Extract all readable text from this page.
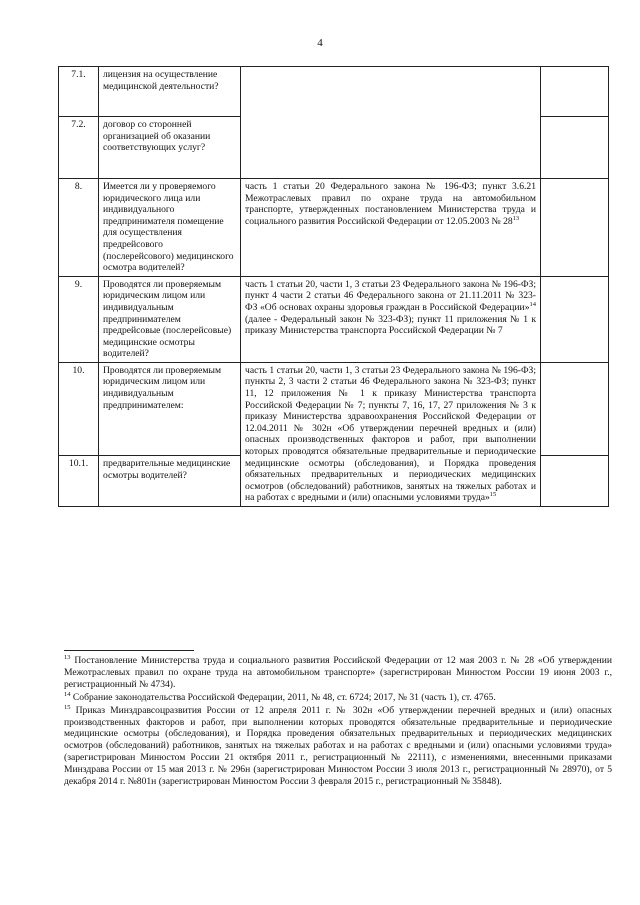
4
7.1.	лицензия на осуществление медицинской деятельности?

7.2.	договор со сторонней организацией об оказании соответствующих услуг?	

8.	Имеется ли у проверяемого юридического лица или индивидуального предпринимателя помещение для осуществления предрейсового (послерейсового) медицинского осмотра водителей?	часть 1 статьи 20 Федерального закона № 196-ФЗ; пункт 3.6.21 Межотраслевых правил по охране труда на автомобильном транспорте, утвержденных постановлением Министерства труда и социального развития Российской Федерации от 12.05.2003 № $28^{13}$	
9.	Проводятся ли проверяемым юридическим лицом или индивидуальным предпринимателем предрейсовые (послерейсовые) медицинские осмотры водителей?	часть 1 статьи 20, части 1, 3 статьи 23 Федерального закона № 196-ФЗ; пункт 4 части 2 статьи 46 Федерального закона от 21.11.2011 № 323-ФЗ «Об основах охраны здоровья граждан в Российской Федерации»$^{14}$ (далее - Федеральный закон № 323-ФЗ); пункт 11 приложения № 1 к приказу Министерства транспорта Российской Федерации № 7	
10.	Проводятся ли проверяемым юридическим лицом или индивидуальным предпринимателем:	часть 1 статьи 20, части 1, 3 статьи 23 Федерального закона № 196-ФЗ; пункты 2, 3 части 2 статьи 46 Федерального закона № 323-ФЗ; пункт 11, 12 приложения № 1 к приказу Министерства транспорта Российской Федерации № 7; пункты 7, 16, 17, 27 приложения № 3 к приказу Министерства здравоохранения Российской Федерации от 12.04.2011 № 302н «Об утверждении перечней вредных и (или) опасных производственных факторов и работ, при выполнении которых проводятся обязательные предварительные и периодические медицинские осмотры (обследования), и Порядка проведения обязательных предварительных и периодических медицинских осмотров (обследований) работников, занятых на тяжелых работах и на работах с вредными и (или) опасными условиями труда»$^{15}$	
10.1.	предварительные медицинские осмотры водителей?		

$^{13}$ Постановление Министерства труда и социального развития Российской Федерации от 12 мая 2003 г. № 28 «Об утверждении Межотраслевых правил по охране труда на автомобильном транспорте» (зарегистрирован Минюстом России 19 июня 2003 г., регистрационный № 4734).

$^{14}$ Собрание законодательства Российской Федерации, 2011, № 48, ст. 6724; 2017, № 31 (часть 1), ст. 4765.

$^{15}$ Приказ Минздравсоцразвития России от 12 апреля 2011 г. № 302н «Об утверждении перечней вредных и (или) опасных производственных факторов и работ, при выполнении которых проводятся обязательные предварительные и периодические медицинские осмотры (обследования), и Порядка проведения обязательных предварительных и периодических медицинских осмотров (обследований) работников, занятых на тяжелых работах и на работах с вредными и (или) опасными условиями труда» (зарегистрирован Минюстом России 21 октября 2011 г., регистрационный № 22111), с изменениями, внесенными приказами Минздрава России от 15 мая 2013 г. № 296н (зарегистрирован Минюстом России 3 июля 2013 г., регистрационный № 28970), от 5 декабря 2014 г. №801н (зарегистрирован Минюстом России 3 февраля 2015 г., регистрационный № 35848).
